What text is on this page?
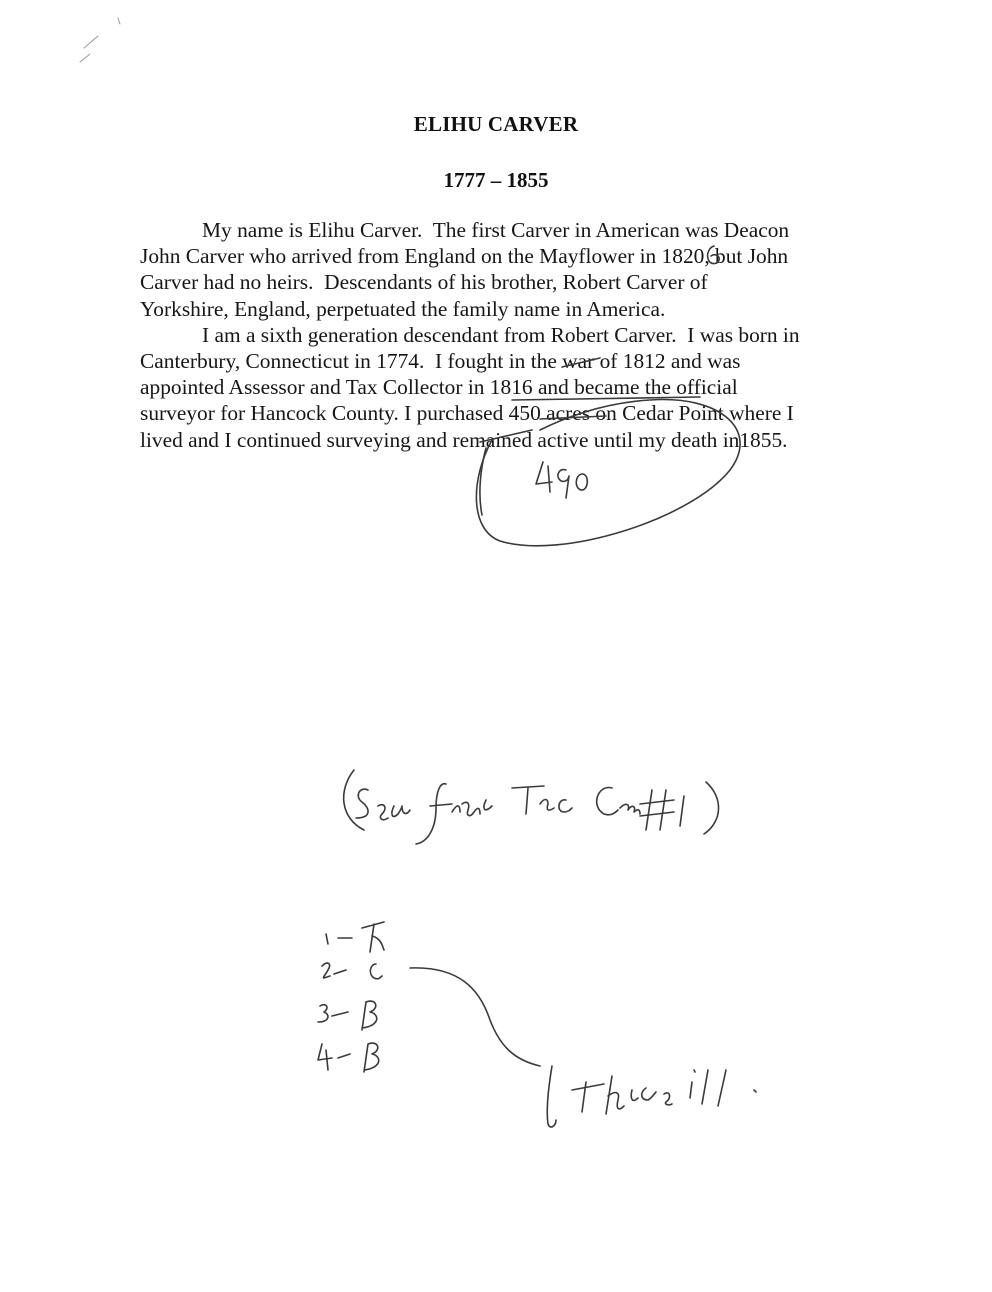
ELIHU CARVER
1777 – 1855
My name is Elihu Carver.  The first Carver in American was Deacon
John Carver who arrived from England on the Mayflower in 1820, but John
Carver had no heirs.  Descendants of his brother, Robert Carver of
Yorkshire, England, perpetuated the family name in America.
I am a sixth generation descendant from Robert Carver.  I was born in
Canterbury, Connecticut in 1774.  I fought in the war of 1812 and was
appointed Assessor and Tax Collector in 1816 and became the official
surveyor for Hancock County. I purchased 450 acres on Cedar Point where I
lived and I continued surveying and remained active until my death in1855.
